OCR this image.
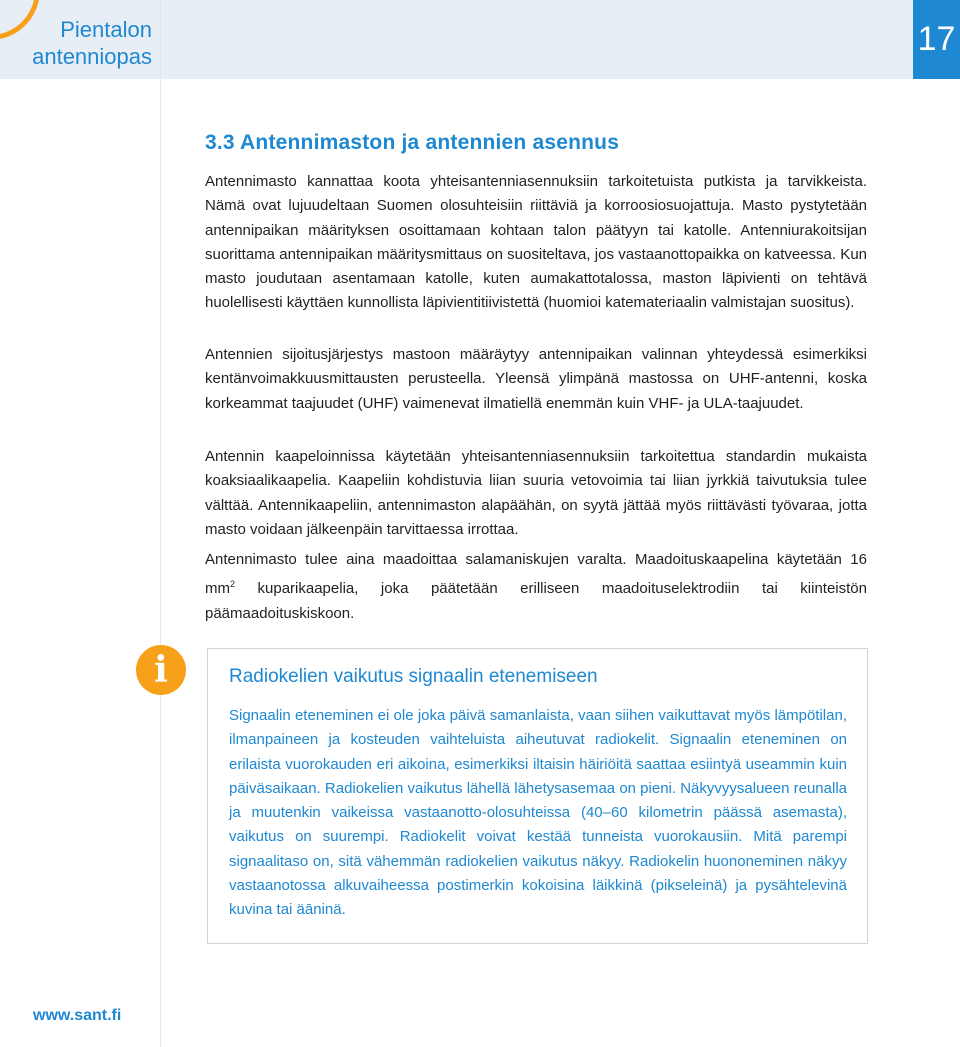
Pientalon
antenniopas	17
3.3 Antennimaston ja antennien asennus
Antennimasto kannattaa koota yhteisantenniasennuksiin tarkoitetuista putkista ja tarvikkeista. Nämä ovat lujuudeltaan Suomen olosuhteisiin riittäviä ja korroosiosuojattuja. Masto pystytetään antennipaikan määrityksen osoittamaan kohtaan talon päätyyn tai katolle. Antenniurakoitsijan suorittama antennipaikan määritysmittaus on suositeltava, jos vastaanottopaikka on katveessa. Kun masto joudutaan asentamaan katolle, kuten aumakattotalossa, maston läpivienti on tehtävä huolellisesti käyttäen kunnollista läpivientitiivistettä (huomioi katemateriaalin valmistajan suositus).
Antennien sijoitusjärjestys mastoon määräytyy antennipaikan valinnan yhteydessä esimerkiksi kentänvoimakkuusmittausten perusteella. Yleensä ylimpänä mastossa on UHF-antenni, koska korkeammat taajuudet (UHF) vaimenevat ilmatiellä enemmän kuin VHF- ja ULA-taajuudet.
Antennin kaapeloinnissa käytetään yhteisantenniasennuksiin tarkoitettua standardin mukaista koaksiaalikaapelia. Kaapeliin kohdistuvia liian suuria vetovoimia tai liian jyrkkiä taivutuksia tulee välttää. Antennikaapeliin, antennimaston alapäähän, on syytä jättää myös riittävästi työvaraa, jotta masto voidaan jälkeenpäin tarvittaessa irrottaa.
Antennimasto tulee aina maadoittaa salamaniskujen varalta. Maadoituskaapelina käytetään 16 $mm^2$ kuparikaapelia, joka päätetään erilliseen maadoituselektrodiin tai kiinteistön päämaadoituskiskoon.
i	Radiokelien vaikutus signaalin etenemiseen
Signaalin eteneminen ei ole joka päivä samanlaista, vaan siihen vaikuttavat myös lämpötilan, ilmanpaineen ja kosteuden vaihteluista aiheutuvat radiokelit. Signaalin eteneminen on erilaista vuorokauden eri aikoina, esimerkiksi iltaisin häiriöitä saattaa esiintyä useammin kuin päiväsaikaan. Radiokelien vaikutus lähellä lähetysasemaa on pieni. Näkyvyysalueen reunalla ja muutenkin vaikeissa vastaanotto-olosuhteissa (40–60 kilometrin päässä asemasta), vaikutus on suurempi. Radiokelit voivat kestää tunneista vuorokausiin. Mitä parempi signaalitaso on, sitä vähemmän radiokelien vaikutus näkyy. Radiokelin huononeminen näkyy vastaanotossa alkuvaiheessa postimerkin kokoisina läikkinä (pikseleinä) ja pysähtelevinä kuvina tai äāninä.
www.sant.fi
